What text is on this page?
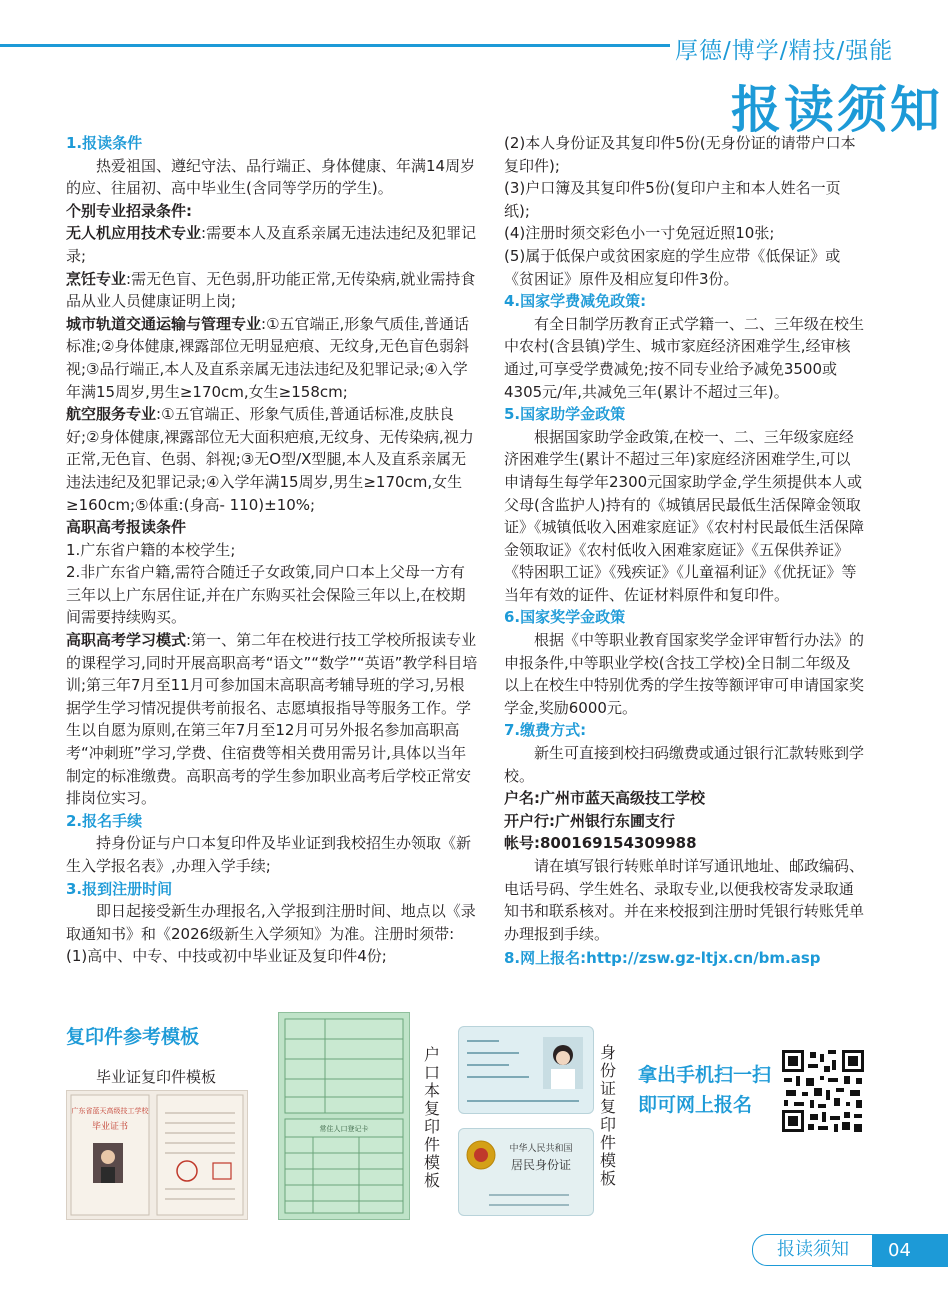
厚德/博学/精技/强能
报读须知

1.报读条件

热爱祖国、遵纪守法、品行端正、身体健康、年满14周岁的应、往届初、高中毕业生(含同等学历的学生)。

个别专业招录条件:

无人机应用技术专业:需要本人及直系亲属无违法违纪及犯罪记录;

烹饪专业:需无色盲、无色弱,肝功能正常,无传染病,就业需持食品从业人员健康证明上岗;

城市轨道交通运输与管理专业:①五官端正,形象气质佳,普通话标准;②身体健康,裸露部位无明显疤痕、无纹身,无色盲色弱斜视;③品行端正,本人及直系亲属无违法违纪及犯罪记录;④入学年满15周岁,男生≥170cm,女生≥158cm;

航空服务专业:①五官端正、形象气质佳,普通话标准,皮肤良好;②身体健康,裸露部位无大面积疤痕,无纹身、无传染病,视力正常,无色盲、色弱、斜视;③无O型/X型腿,本人及直系亲属无违法违纪及犯罪记录;④入学年满15周岁,男生≥170cm,女生≥160cm;⑤体重:(身高- 110)±10%;

高职高考报读条件

1.广东省户籍的本校学生;

2.非广东省户籍,需符合随迁子女政策,同户口本上父母一方有三年以上广东居住证,并在广东购买社会保险三年以上,在校期间需要持续购买。

高职高考学习模式:第一、第二年在校进行技工学校所报读专业的课程学习,同时开展高职高考“语文”“数学”“英语”教学科目培训;第三年7月至11月可参加国末高职高考辅导班的学习,另根据学生学习情况提供考前报名、志愿填报指导等服务工作。学生以自愿为原则,在第三年7月至12月可另外报名参加高职高考“冲刺班”学习,学费、住宿费等相关费用需另计,具体以当年制定的标准缴费。高职高考的学生参加职业高考后学校正常安排岗位实习。

2.报名手续

持身份证与户口本复印件及毕业证到我校招生办领取《新生入学报名表》,办理入学手续;

3.报到注册时间

即日起接受新生办理报名,入学报到注册时间、地点以《录取通知书》和《2026级新生入学须知》为准。注册时须带:

(1)高中、中专、中技或初中毕业证及复印件4份;

(2)本人身份证及其复印件5份(无身份证的请带户口本复印件);

(3)户口簿及其复印件5份(复印户主和本人姓名一页纸);

(4)注册时须交彩色小一寸免冠近照10张;

(5)属于低保户或贫困家庭的学生应带《低保证》或《贫困证》原件及相应复印件3份。

4.国家学费减免政策:

有全日制学历教育正式学籍一、二、三年级在校生中农村(含县镇)学生、城市家庭经济困难学生,经审核通过,可享受学费减免;按不同专业给予减免3500或4305元/年,共减免三年(累计不超过三年)。

5.国家助学金政策

根据国家助学金政策,在校一、二、三年级家庭经济困难学生(累计不超过三年)家庭经济困难学生,可以申请每生每学年2300元国家助学金,学生须提供本人或父母(含监护人)持有的《城镇居民最低生活保障金领取证》《城镇低收入困难家庭证》《农村村民最低生活保障金领取证》《农村低收入困难家庭证》《五保供养证》《特困职工证》《残疾证》《儿童福利证》《优抚证》等当年有效的证件、佐证材料原件和复印件。

6.国家奖学金政策

根据《中等职业教育国家奖学金评审暂行办法》的申报条件,中等职业学校(含技工学校)全日制二年级及以上在校生中特别优秀的学生按等额评审可申请国家奖学金,奖励6000元。

7.缴费方式:

新生可直接到校扫码缴费或通过银行汇款转账到学校。

户名:广州市蓝天高级技工学校

开户行:广州银行东圃支行

帐号:800169154309988

请在填写银行转账单时详写通讯地址、邮政编码、电话号码、学生姓名、录取专业,以便我校寄发录取通知书和联系核对。并在来校报到注册时凭银行转账凭单办理报到手续。

8.网上报名:http://zsw.gz-ltjx.cn/bm.asp

复印件参考模板
毕业证复印件模板
广东省蓝天高级技工学校
毕业证书	常住人口登记卡
户口本复印件模板
中华人民共和国
居民身份证
身份证复印件模板
拿出手机扫一扫
即可网上报名
报读须知	04
